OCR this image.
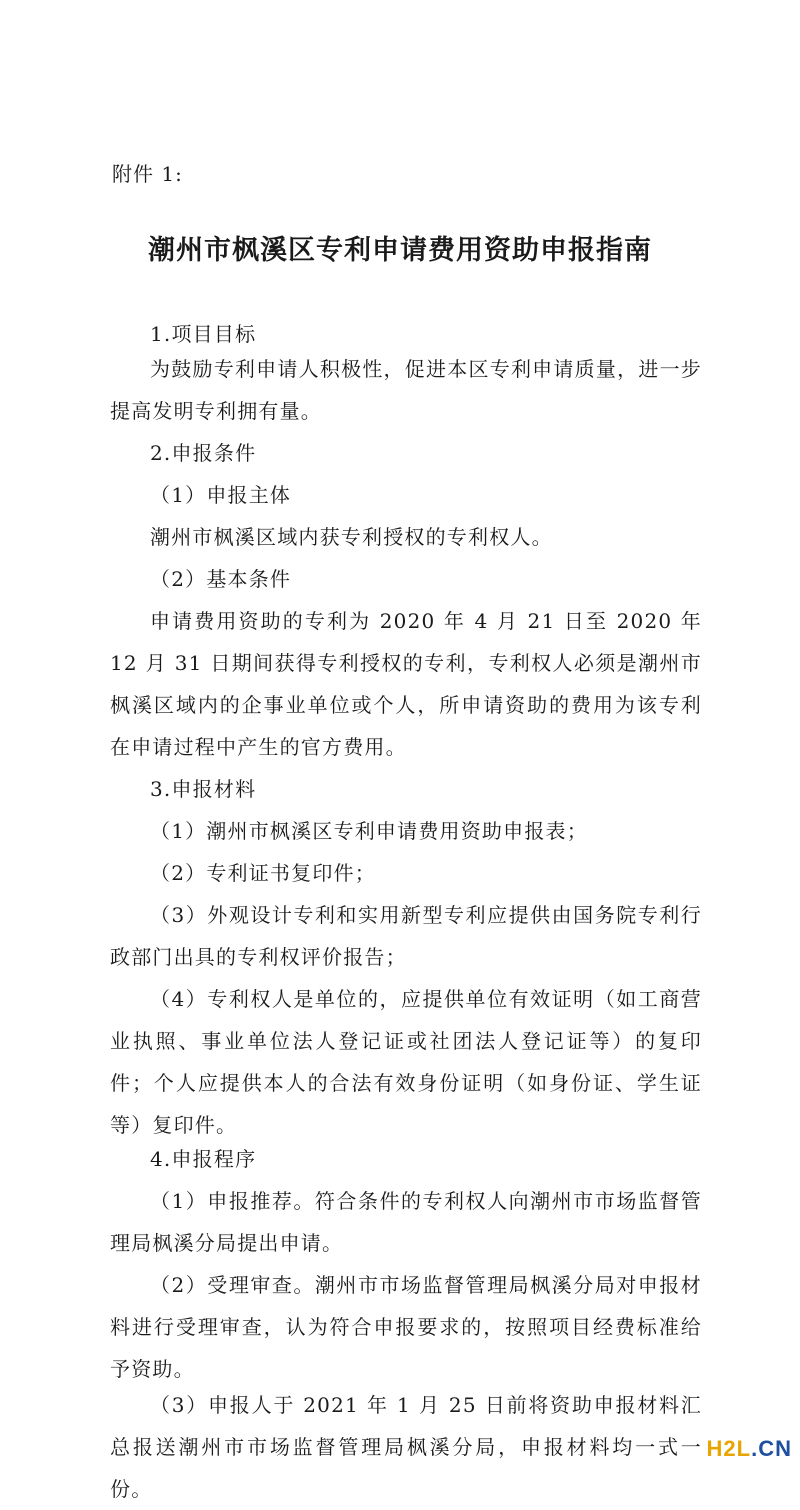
附件 1:
潮州市枫溪区专利申请费用资助申报指南

1.项目目标

为鼓励专利申请人积极性，促进本区专利申请质量，进一步提高发明专利拥有量。

2.申报条件

（1）申报主体

潮州市枫溪区域内获专利授权的专利权人。

（2）基本条件

申请费用资助的专利为 2020 年 4 月 21 日至 2020 年 12 月 31 日期间获得专利授权的专利，专利权人必须是潮州市枫溪区域内的企事业单位或个人，所申请资助的费用为该专利在申请过程中产生的官方费用。

3.申报材料

（1）潮州市枫溪区专利申请费用资助申报表；

（2）专利证书复印件；

（3）外观设计专利和实用新型专利应提供由国务院专利行政部门出具的专利权评价报告；

（4）专利权人是单位的，应提供单位有效证明（如工商营业执照、事业单位法人登记证或社团法人登记证等）的复印件；个人应提供本人的合法有效身份证明（如身份证、学生证等）复印件。

4.申报程序

（1）申报推荐。符合条件的专利权人向潮州市市场监督管理局枫溪分局提出申请。

（2）受理审查。潮州市市场监督管理局枫溪分局对申报材料进行受理审查，认为符合申报要求的，按照项目经费标准给予资助。

（3）申报人于 2021 年 1 月 25 日前将资助申报材料汇总报送潮州市市场监督管理局枫溪分局，申报材料均一式一份。

H2L.CN
